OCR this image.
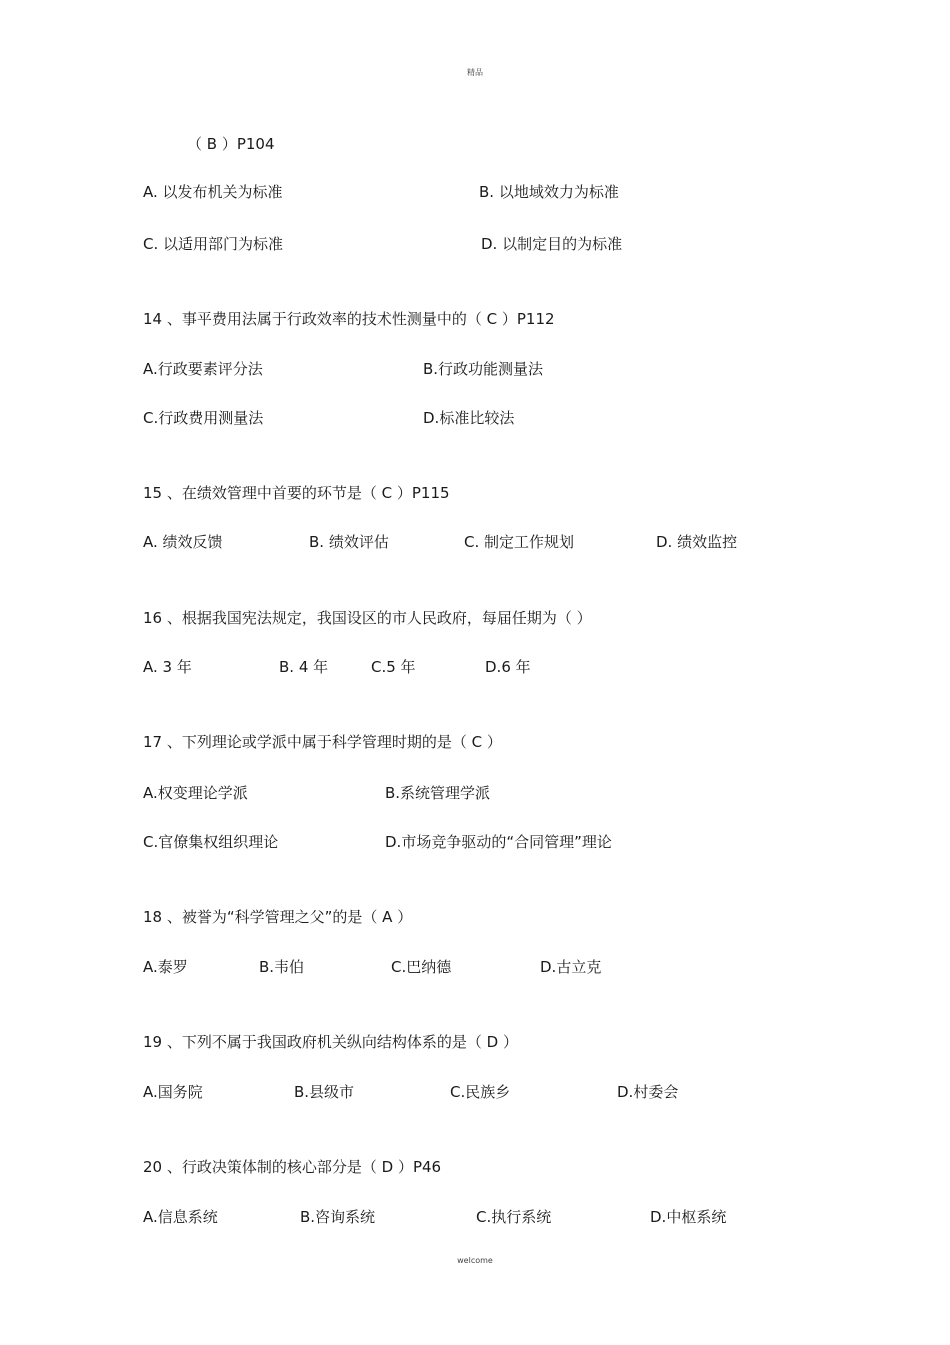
精品
（ B ）P104
A. 以发布机关为标准	B. 以地域效力为标准
C. 以适用部门为标准	D. 以制定目的为标准
14 、事平费用法属于行政效率的技术性测量中的（ C ）P112
A.行政要素评分法	B.行政功能测量法
C.行政费用测量法	D.标准比较法
15 、在绩效管理中首要的环节是（ C ）P115
A. 绩效反馈	B. 绩效评估	C. 制定工作规划	D. 绩效监控
16 、根据我国宪法规定，我国设区的市人民政府，每届任期为（ ）
A. 3 年	B. 4 年	C.5 年	D.6 年
17 、下列理论或学派中属于科学管理时期的是（ C ）
A.权变理论学派	B.系统管理学派
C.官僚集权组织理论	D.市场竞争驱动的“合同管理”理论
18 、被誉为“科学管理之父”的是（ A ）
A.泰罗	B.韦伯	C.巴纳德	D.古立克
19 、下列不属于我国政府机关纵向结构体系的是（ D ）
A.国务院	B.县级市	C.民族乡	D.村委会
20 、行政决策体制的核心部分是（ D ）P46
A.信息系统	B.咨询系统	C.执行系统	D.中枢系统
welcome
